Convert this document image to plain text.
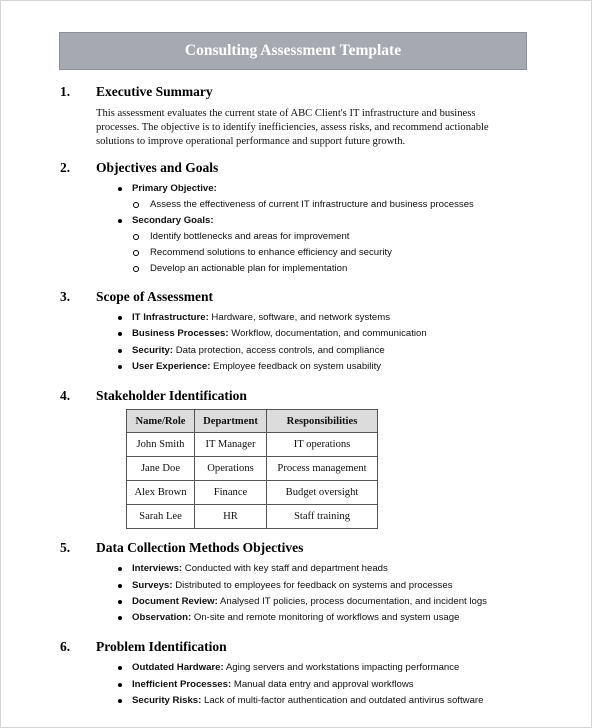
Consulting Assessment Template
1.	Executive Summary
This assessment evaluates the current state of ABC Client's IT infrastructure and business
processes. The objective is to identify inefficiencies, assess risks, and recommend actionable
solutions to improve operational performance and support future growth.
2.	Objectives and Goals
Primary Objective:
Assess the effectiveness of current IT infrastructure and business processes
Secondary Goals:
Identify bottlenecks and areas for improvement
Recommend solutions to enhance efficiency and security
Develop an actionable plan for implementation
3.	Scope of Assessment
IT Infrastructure: Hardware, software, and network systems
Business Processes: Workflow, documentation, and communication
Security: Data protection, access controls, and compliance
User Experience: Employee feedback on system usability
4.	Stakeholder Identification
Name/Role	Department	Responsibilities
John Smith	IT Manager	IT operations
Jane Doe	Operations	Process management
Alex Brown	Finance	Budget oversight
Sarah Lee	HR	Staff training
5.	Data Collection Methods Objectives
Interviews: Conducted with key staff and department heads
Surveys: Distributed to employees for feedback on systems and processes
Document Review: Analysed IT policies, process documentation, and incident logs
Observation: On-site and remote monitoring of workflows and system usage
6.	Problem Identification
Outdated Hardware: Aging servers and workstations impacting performance
Inefficient Processes: Manual data entry and approval workflows
Security Risks: Lack of multi-factor authentication and outdated antivirus software
